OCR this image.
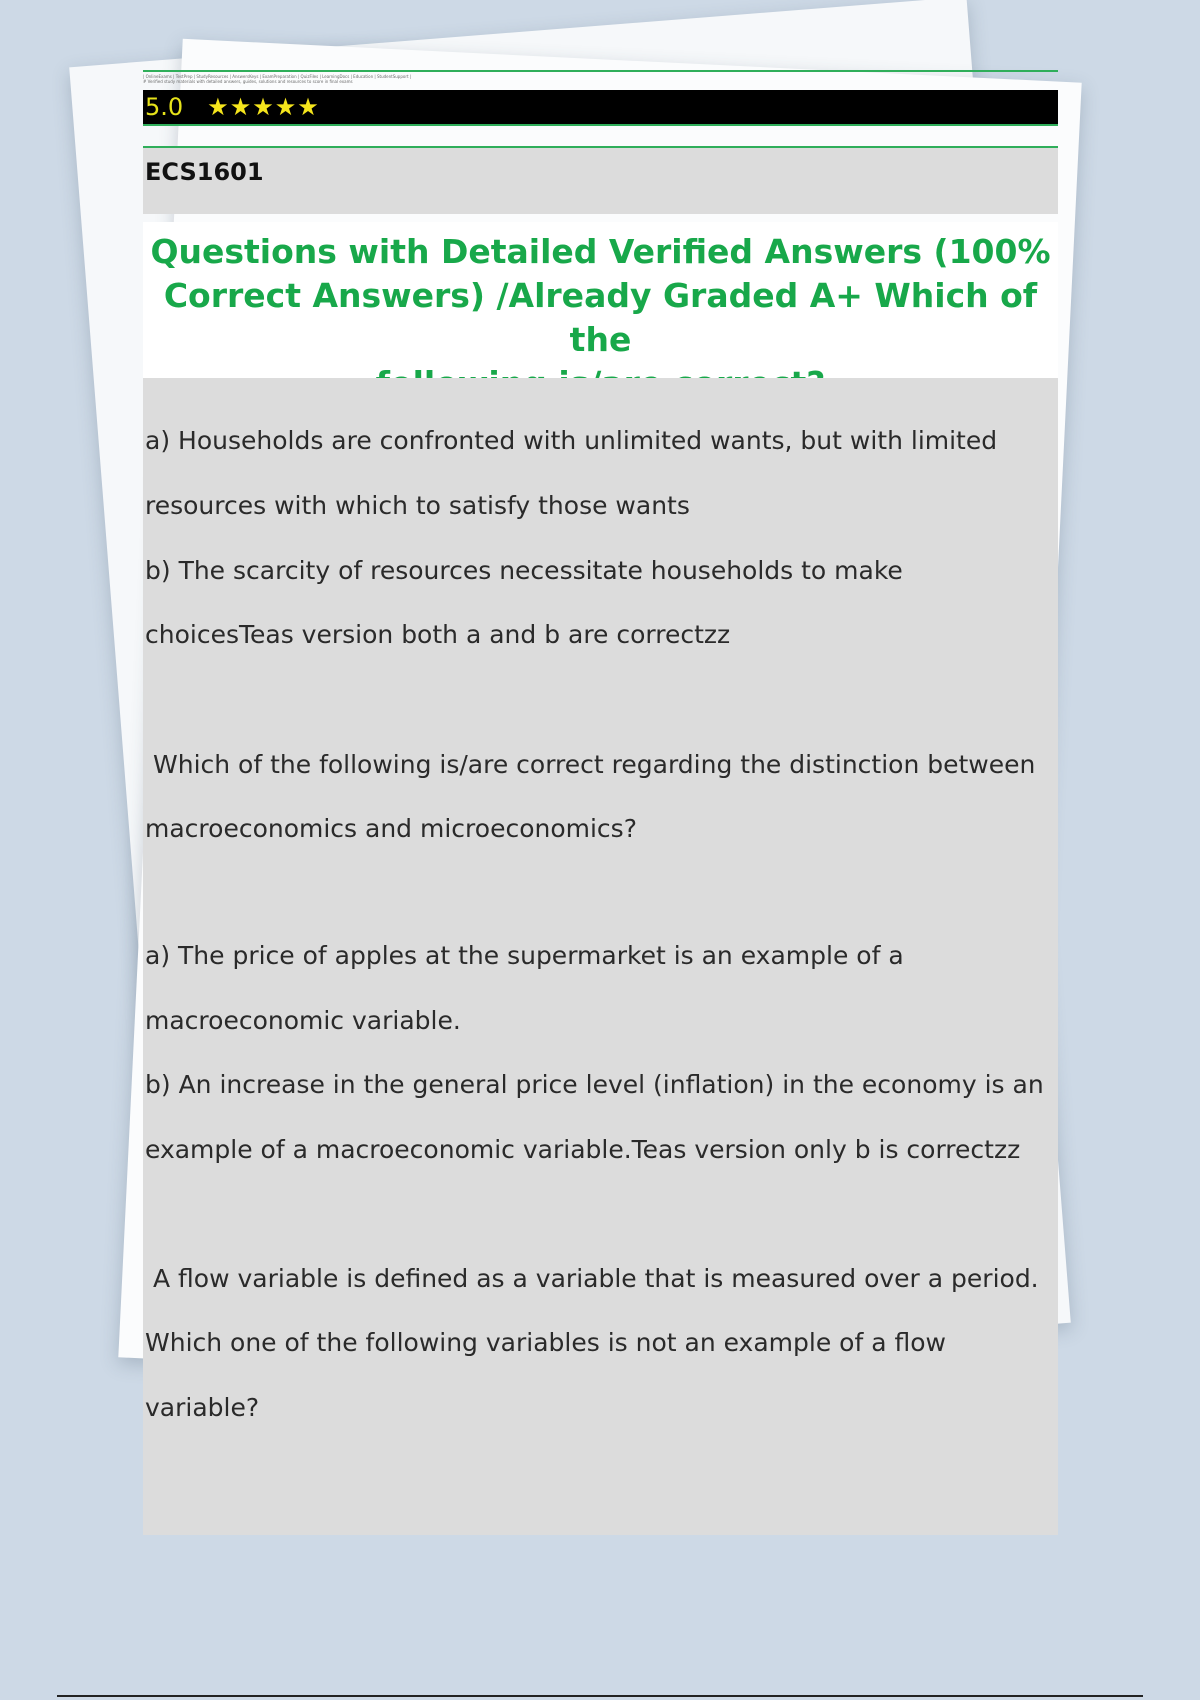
| OnlineExams | TestPrep | StudyResources | AnswersKeys | ExamPreparation | QuizFiles | LearningDocs | Education | StudentSupport |
# Verified study materials with detailed answers, guides, solutions and resources to score in final exams
5.0 ★★★★★
ECS1601
Questions with Detailed Verified Answers (100%
Correct Answers) /Already Graded A+ Which of the
a) Households are confronted with unlimited wants, but with limited
resources with which to satisfy those wants
b) The scarcity of resources necessitate households to make
choicesTeas version both a and b are correctzz
Which of the following is/are correct regarding the distinction between
macroeconomics and microeconomics?
a) The price of apples at the supermarket is an example of a
macroeconomic variable.
b) An increase in the general price level (inflation) in the economy is an
example of a macroeconomic variable.Teas version only b is correctzz
A flow variable is defined as a variable that is measured over a period.
Which one of the following variables is not an example of a flow
variable?
